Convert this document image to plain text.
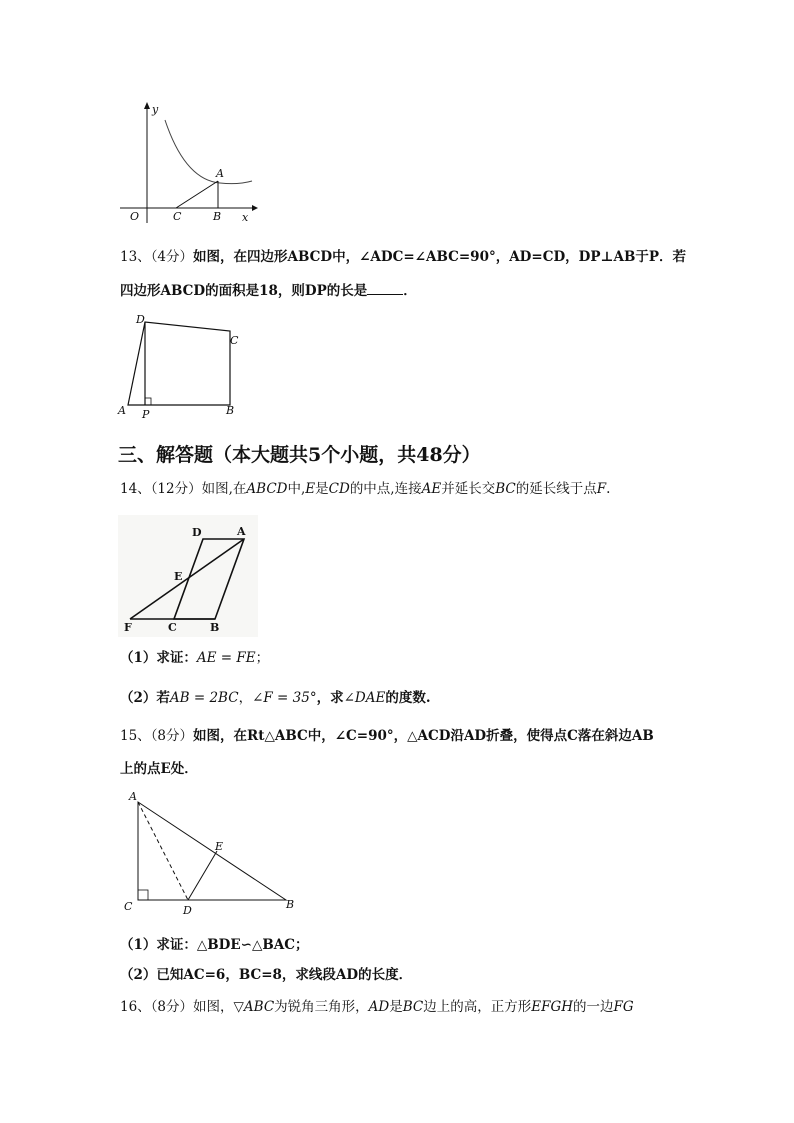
y
x
O
A
B
C
13、（4分）如图，在四边形ABCD中，∠ADC=∠ABC=90°，AD=CD，DP⊥AB于P．若
四边形ABCD的面积是18，则DP的长是	．
D
C
A P	B
三、解答题（本大题共5个小题，共48分）
14、（12分）如图,在ABCD中,E是CD的中点,连接AE并延长交BC的延长线于点F.
D	A
E
F	C	B
（1）求证：AE = FE；
（2）若AB = 2BC，∠F = 35°，求∠DAE的度数.
15、（8分）如图，在Rt△ABC中，∠C=90°，△ACD沿AD折叠，使得点C落在斜边AB
上的点E处．
A
E
C	D	B
（1）求证：△BDE∽△BAC；
（2）已知AC=6，BC=8，求线段AD的长度．
16、（8分）如图，▽ABC为锐角三角形，AD是BC边上的高，正方形EFGH的一边FG
